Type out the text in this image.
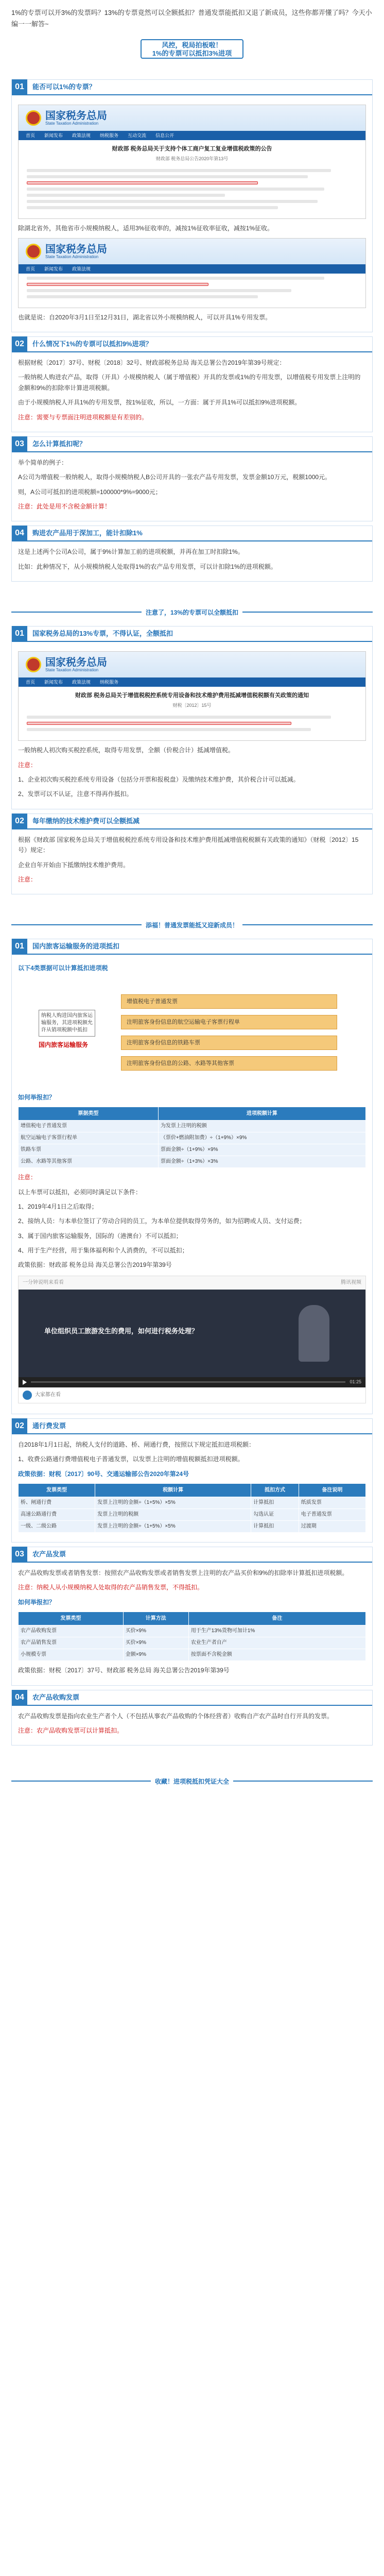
1%的专票可以开3%的发票吗？13%的专票竟然可以全额抵扣？普通发票能抵扣又退了新成员，这些你都弄懂了吗？今天小编一一解答~
风控，税局拍板啦！
1%的专票可以抵扣3%进项
01	能否可以1%的专票？
国家税务总局
State Taxation Administration
首页 新闻发布 政策法规 纳税服务 互动交流 信息公开
财政部 税务总局关于支持个体工商户复工复业增值税政策的公告
财政部 税务总局公告2020年第13号

除湖北省外，其他省市小规模纳税人，适用3%征收率的，减按1%征收率征收，减按1%征收。

国家税务总局
State Taxation Administration
首页 新闻发布 政策法规

也就是说：自2020年3月1日至12月31日，湖北省以外小规模纳税人，可以开具1%专用发票。

02	什么情况下1%的专票可以抵扣9%进项？

根据财税〔2017〕37号、财税〔2018〕32号、财政部税务总局 海关总署公告2019年第39号规定：

一般纳税人购进农产品，取得（开具）小规模纳税人（属于增值税）开具的发票或1%的专用发票，以增值税专用发票上注明的金额和9%的扣除率计算进项税额。

由于小规模纳税人开具1%的专用发票，按1%征收，所以，一方面：属于开具1%可以抵扣9%进项税额。

注意：需要与专票面注明进项税额是有差别的。

03	怎么计算抵扣呢？

举个简单的例子：

A公司为增值税一般纳税人，取得小规模纳税人B公司开具的一张农产品专用发票，发票金额10万元，税额1000元。

则，A公司可抵扣的进项税额=100000*9%=9000元；

注意：此处是用不含税金额计算！

04	购进农产品用于深加工，能计扣除1%

这是上述两个公司A公司，属于9%计算加工前的进项税额，并再在加工时扣除1%。

比如：此种情况下，从小规模纳税人处取得1%的农产品专用发票，可以计扣除1%的进项税额。

注意了，13%的专票可以全额抵扣
01	国家税务总局的13%专票，不得认证，全额抵扣
国家税务总局
State Taxation Administration
首页 新闻发布 政策法规 纳税服务
财政部 税务总局关于增值税税控系统专用设备和技术维护费用抵减增值税税额有关政策的通知
财税〔2012〕15号

一般纳税人初次购买税控系统，取得专用发票，全额（价税合计）抵减增值税。

注意：

1、企业初次购买税控系统专用设备（包括分开票和报税盘）及缴纳技术维护费，其价税合计可以抵减。

2、发票可以不认证，注意不得再作抵扣。

02	每年缴纳的技术维护费可以全额抵减

根据《财政部 国家税务总局关于增值税税控系统专用设备和技术维护费用抵减增值税税额有关政策的通知》（财税〔2012〕15号）规定：

企业自年开始由下抵缴纳技术维护费用。

注意：

添福！普通发票能抵又迎新成员！
01	国内旅客运输服务的进项抵扣
以下4类票据可以计算抵扣进项税
纳税人购进国内旅客运输服务，其进项税额允许从销项税额中抵扣
国内旅客运输服务
增值税电子普通发票
注明旅客身份信息的航空运输电子客票行程单
注明旅客身份信息的铁路车票
注明旅客身份信息的公路、水路等其他客票
如何举报扣？
票据类型	进项税额计算
增值税电子普通发票	为发票上注明的税额
航空运输电子客票行程单	（票价+燃油附加费）÷（1+9%）×9%
铁路车票	票面金额÷（1+9%）×9%
公路、水路等其他客票	票面金额÷（1+3%）×3%

注意：

以上车票可以抵扣，必须同时满足以下条件：

1、2019年4月1日之后取得；

2、接纳人员：与本单位签订了劳动合同的员工，为本单位提供取得劳务的，如为招聘或人员、支付运费；

3、属于国内旅客运输服务，国际的（港澳台）不可以抵扣；

4、用于生产经营，用于集体福利和个人消费的，不可以抵扣；

政策依据：财政部 税务总局 海关总署公告2019年第39号

一分钟说明来看看	腾讯视频
单位组织员工旅游发生的费用，如何进行税务处理？
01:25
大家都在看
02	通行费发票

自2018年1月1日起，纳税人支付的道路、桥、闸通行费，按照以下规定抵扣进项税额：

1、收费公路通行费增值税电子普通发票，以发票上注明的增值税额抵扣进项税额。

政策依据：财税〔2017〕90号、交通运输部公告2020年第24号
发票类型	税额计算	抵扣方式	备注说明
桥、闸通行费	发票上注明的金额÷（1+5%）×5%	计算抵扣	纸质发票
高速公路通行费	发票上注明的税额	勾选认证	电子普通发票
一级、二级公路	发票上注明的金额÷（1+5%）×5%	计算抵扣	过渡期
03	农产品发票

农产品收购发票或者销售发票：按照农产品收购发票或者销售发票上注明的农产品买价和9%的扣除率计算抵扣进项税额。

注意：纳税人从小规模纳税人处取得的农产品销售发票，不得抵扣。

如何举报扣？
发票类型	计算方法	备注
农产品收购发票	买价×9%	用于生产13%货物可加计1%
农产品销售发票	买价×9%	农业生产者自产
小规模专票	金额×9%	按票面不含税金额

政策依据：财税〔2017〕37号、财政部 税务总局 海关总署公告2019年第39号

04	农产品收购发票

农产品收购发票是指向农业生产者个人（不包括从事农产品收购的个体经营者）收购自产农产品时自行开具的发票。

注意：农产品收购发票可以计算抵扣。

收藏！进项税抵扣凭证大全
